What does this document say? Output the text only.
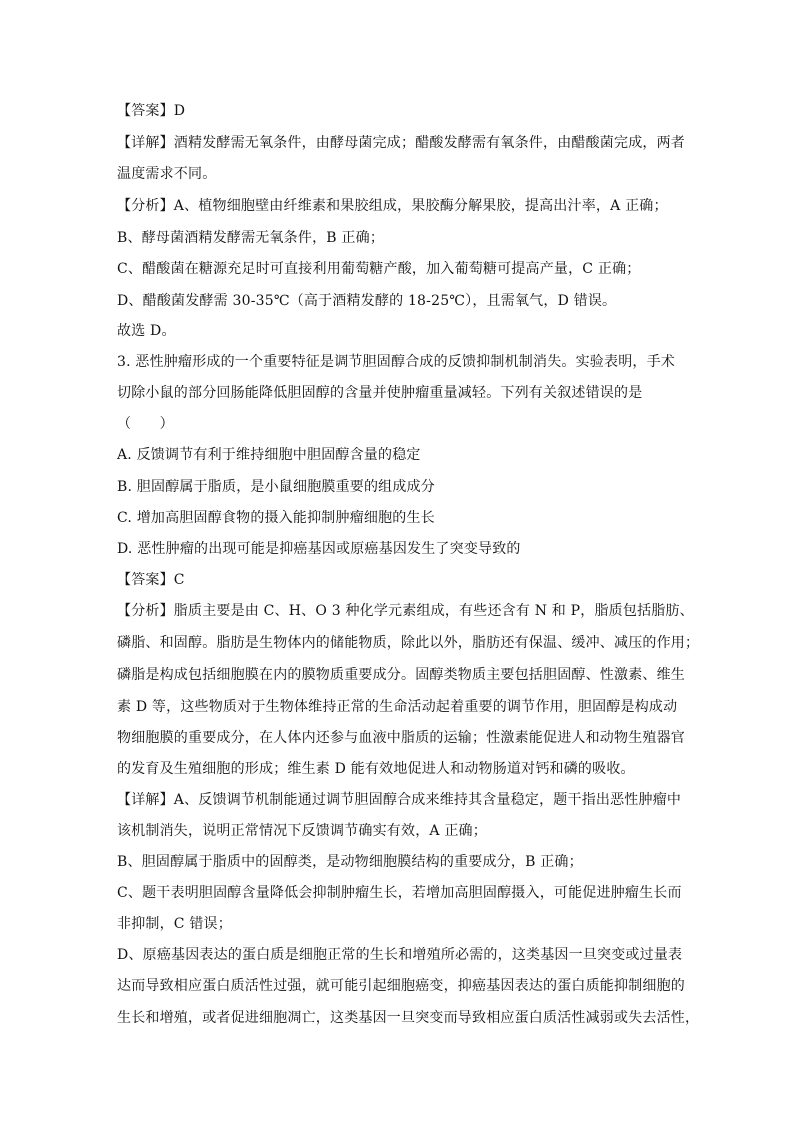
【答案】D
【详解】酒精发酵需无氧条件，由酵母菌完成；醋酸发酵需有氧条件，由醋酸菌完成，两者
温度需求不同。
【分析】A、植物细胞壁由纤维素和果胶组成，果胶酶分解果胶，提高出汁率，A 正确；
B、酵母菌酒精发酵需无氧条件，B 正确；
C、醋酸菌在糖源充足时可直接利用葡萄糖产酸，加入葡萄糖可提高产量，C 正确；
D、醋酸菌发酵需 30-35℃（高于酒精发酵的 18-25℃），且需氧气，D 错误。
故选 D。
3. 恶性肿瘤形成的一个重要特征是调节胆固醇合成的反馈抑制机制消失。实验表明，手术
切除小鼠的部分回肠能降低胆固醇的含量并使肿瘤重量减轻。下列有关叙述错误的是
（　　）
A. 反馈调节有利于维持细胞中胆固醇含量的稳定
B. 胆固醇属于脂质，是小鼠细胞膜重要的组成成分
C. 增加高胆固醇食物的摄入能抑制肿瘤细胞的生长
D. 恶性肿瘤的出现可能是抑癌基因或原癌基因发生了突变导致的
【答案】C
【分析】脂质主要是由 C、H、O 3 种化学元素组成，有些还含有 N 和 P，脂质包括脂肪、
磷脂、和固醇。脂肪是生物体内的储能物质，除此以外，脂肪还有保温、缓冲、减压的作用；
磷脂是构成包括细胞膜在内的膜物质重要成分。固醇类物质主要包括胆固醇、性激素、维生
素 D 等，这些物质对于生物体维持正常的生命活动起着重要的调节作用，胆固醇是构成动
物细胞膜的重要成分，在人体内还参与血液中脂质的运输；性激素能促进人和动物生殖器官
的发育及生殖细胞的形成；维生素 D 能有效地促进人和动物肠道对钙和磷的吸收。
【详解】A、反馈调节机制能通过调节胆固醇合成来维持其含量稳定，题干指出恶性肿瘤中
该机制消失，说明正常情况下反馈调节确实有效，A 正确；
B、胆固醇属于脂质中的固醇类，是动物细胞膜结构的重要成分，B 正确；
C、题干表明胆固醇含量降低会抑制肿瘤生长，若增加高胆固醇摄入，可能促进肿瘤生长而
非抑制，C 错误；
D、原癌基因表达的蛋白质是细胞正常的生长和增殖所必需的，这类基因一旦突变或过量表
达而导致相应蛋白质活性过强，就可能引起细胞癌变，抑癌基因表达的蛋白质能抑制细胞的
生长和增殖，或者促进细胞凋亡，这类基因一旦突变而导致相应蛋白质活性减弱或失去活性，
